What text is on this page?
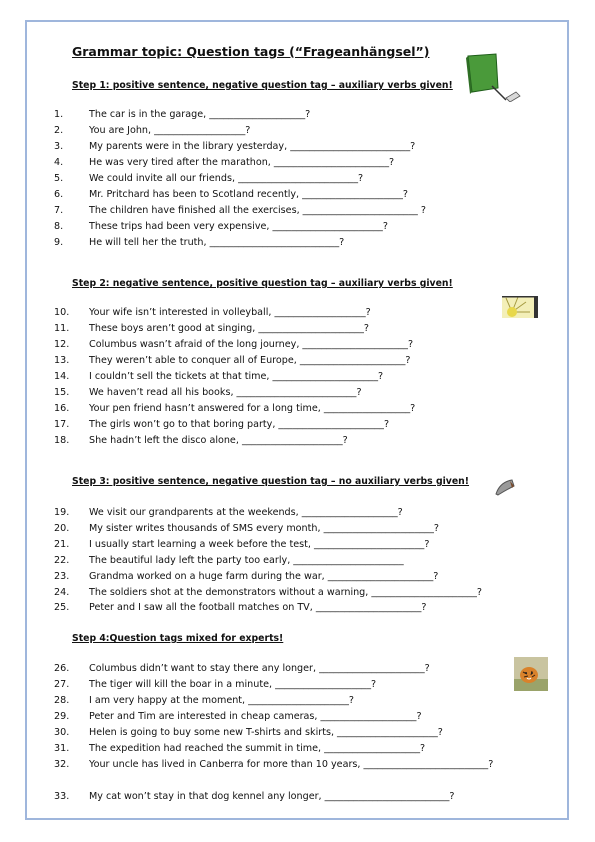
Grammar topic: Question tags (“Frageanhängsel”)
Step 1: positive sentence, negative question tag – auxiliary verbs given!
Step 2: negative sentence, positive question tag – auxiliary verbs given!
Step 3: positive sentence, negative question tag – no auxiliary verbs given!
Step 4:Question tags mixed for experts!
1.	The car is in the garage, ____________________?
2.	You are John, ___________________?
3.	My parents were in the library yesterday, _________________________?
4.	He was very tired after the marathon, ________________________?
5.	We could invite all our friends, _________________________?
6.	Mr. Pritchard has been to Scotland recently, _____________________?
7.	The children have finished all the exercises, ________________________ ?
8.	These trips had been very expensive, _______________________?
9.	He will tell her the truth, ___________________________?
10.	Your wife isn’t interested in volleyball, ___________________?
11.	These boys aren’t good at singing, ______________________?
12.	Columbus wasn’t afraid of the long journey, ______________________?
13.	They weren’t able to conquer all of Europe, ______________________?
14.	I couldn’t sell the tickets at that time, ______________________?
15.	We haven’t read all his books, _________________________?
16.	Your pen friend hasn’t answered for a long time, __________________?
17.	The girls won’t go to that boring party, ______________________?
18.	She hadn’t left the disco alone, _____________________?
19.	We visit our grandparents at the weekends, ____________________?
20.	My sister writes thousands of SMS every month, _______________________?
21.	I usually start learning a week before the test, _______________________?
22.	The beautiful lady left the party too early, _______________________
23.	Grandma worked on a huge farm during the war, ______________________?
24.	The soldiers shot at the demonstrators without a warning, ______________________?
25.	Peter and I saw all the football matches on TV, ______________________?
26.	Columbus didn’t want to stay there any longer, ______________________?
27.	The tiger will kill the boar in a minute, ____________________?
28.	I am very happy at the moment, _____________________?
29.	Peter and Tim are interested in cheap cameras, ____________________?
30.	Helen is going to buy some new T-shirts and skirts, _____________________?
31.	The expedition had reached the summit in time, ____________________?
32.	Your uncle has lived in Canberra for more than 10 years, __________________________?
33.	My cat won’t stay in that dog kennel any longer, __________________________?
